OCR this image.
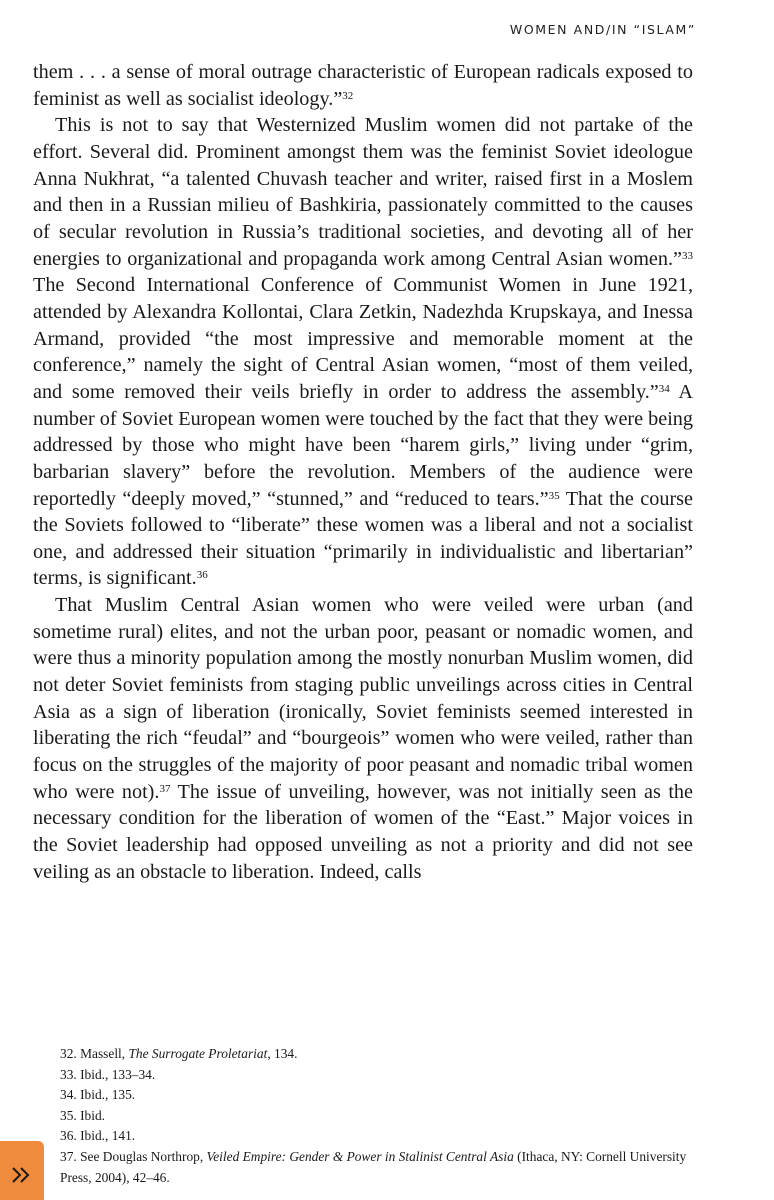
WOMEN AND/IN “ISLAM”

them . . . a sense of moral outrage characteristic of European radicals exposed to feminist as well as socialist ideology.”$^{32}$

This is not to say that Westernized Muslim women did not partake of the effort. Several did. Prominent amongst them was the feminist Soviet ideologue Anna Nukhrat, “a talented Chuvash teacher and writer, raised first in a Moslem and then in a Russian milieu of Bashkiria, passionately committed to the causes of secular revolution in Russia’s traditional societies, and devoting all of her energies to organizational and propaganda work among Central Asian women.”$^{33}$ The Second International Conference of Communist Women in June 1921, attended by Alexandra Kollontai, Clara Zetkin, Nadezhda Krupskaya, and Inessa Armand, provided “the most impressive and memorable moment at the conference,” namely the sight of Central Asian women, “most of them veiled, and some removed their veils briefly in order to address the assembly.”$^{34}$ A number of Soviet European women were touched by the fact that they were being addressed by those who might have been “harem girls,” living under “grim, barbarian slavery” before the revolution. Members of the audience were reportedly “deeply moved,” “stunned,” and “reduced to tears.”$^{35}$ That the course the Soviets followed to “liberate” these women was a liberal and not a socialist one, and addressed their situation “primarily in individualistic and libertarian” terms, is significant.$^{36}$

That Muslim Central Asian women who were veiled were urban (and sometime rural) elites, and not the urban poor, peasant or nomadic women, and were thus a minority population among the mostly nonurban Muslim women, did not deter Soviet feminists from staging public unveilings across cities in Central Asia as a sign of liberation (ironically, Soviet feminists seemed interested in liberating the rich “feudal” and “bourgeois” women who were veiled, rather than focus on the struggles of the majority of poor peasant and nomadic tribal women who were not).$^{37}$ The issue of unveiling, however, was not initially seen as the necessary condition for the liberation of women of the “East.” Major voices in the Soviet leadership had opposed unveiling as not a priority and did not see veiling as an obstacle to liberation. Indeed, calls

32. Massell, The Surrogate Proletariat, 134.
33. Ibid., 133–34.
34. Ibid., 135.
35. Ibid.
36. Ibid., 141.
37. See Douglas Northrop, Veiled Empire: Gender & Power in Stalinist Central Asia (Ithaca, NY: Cornell University Press, 2004), 42–46.
